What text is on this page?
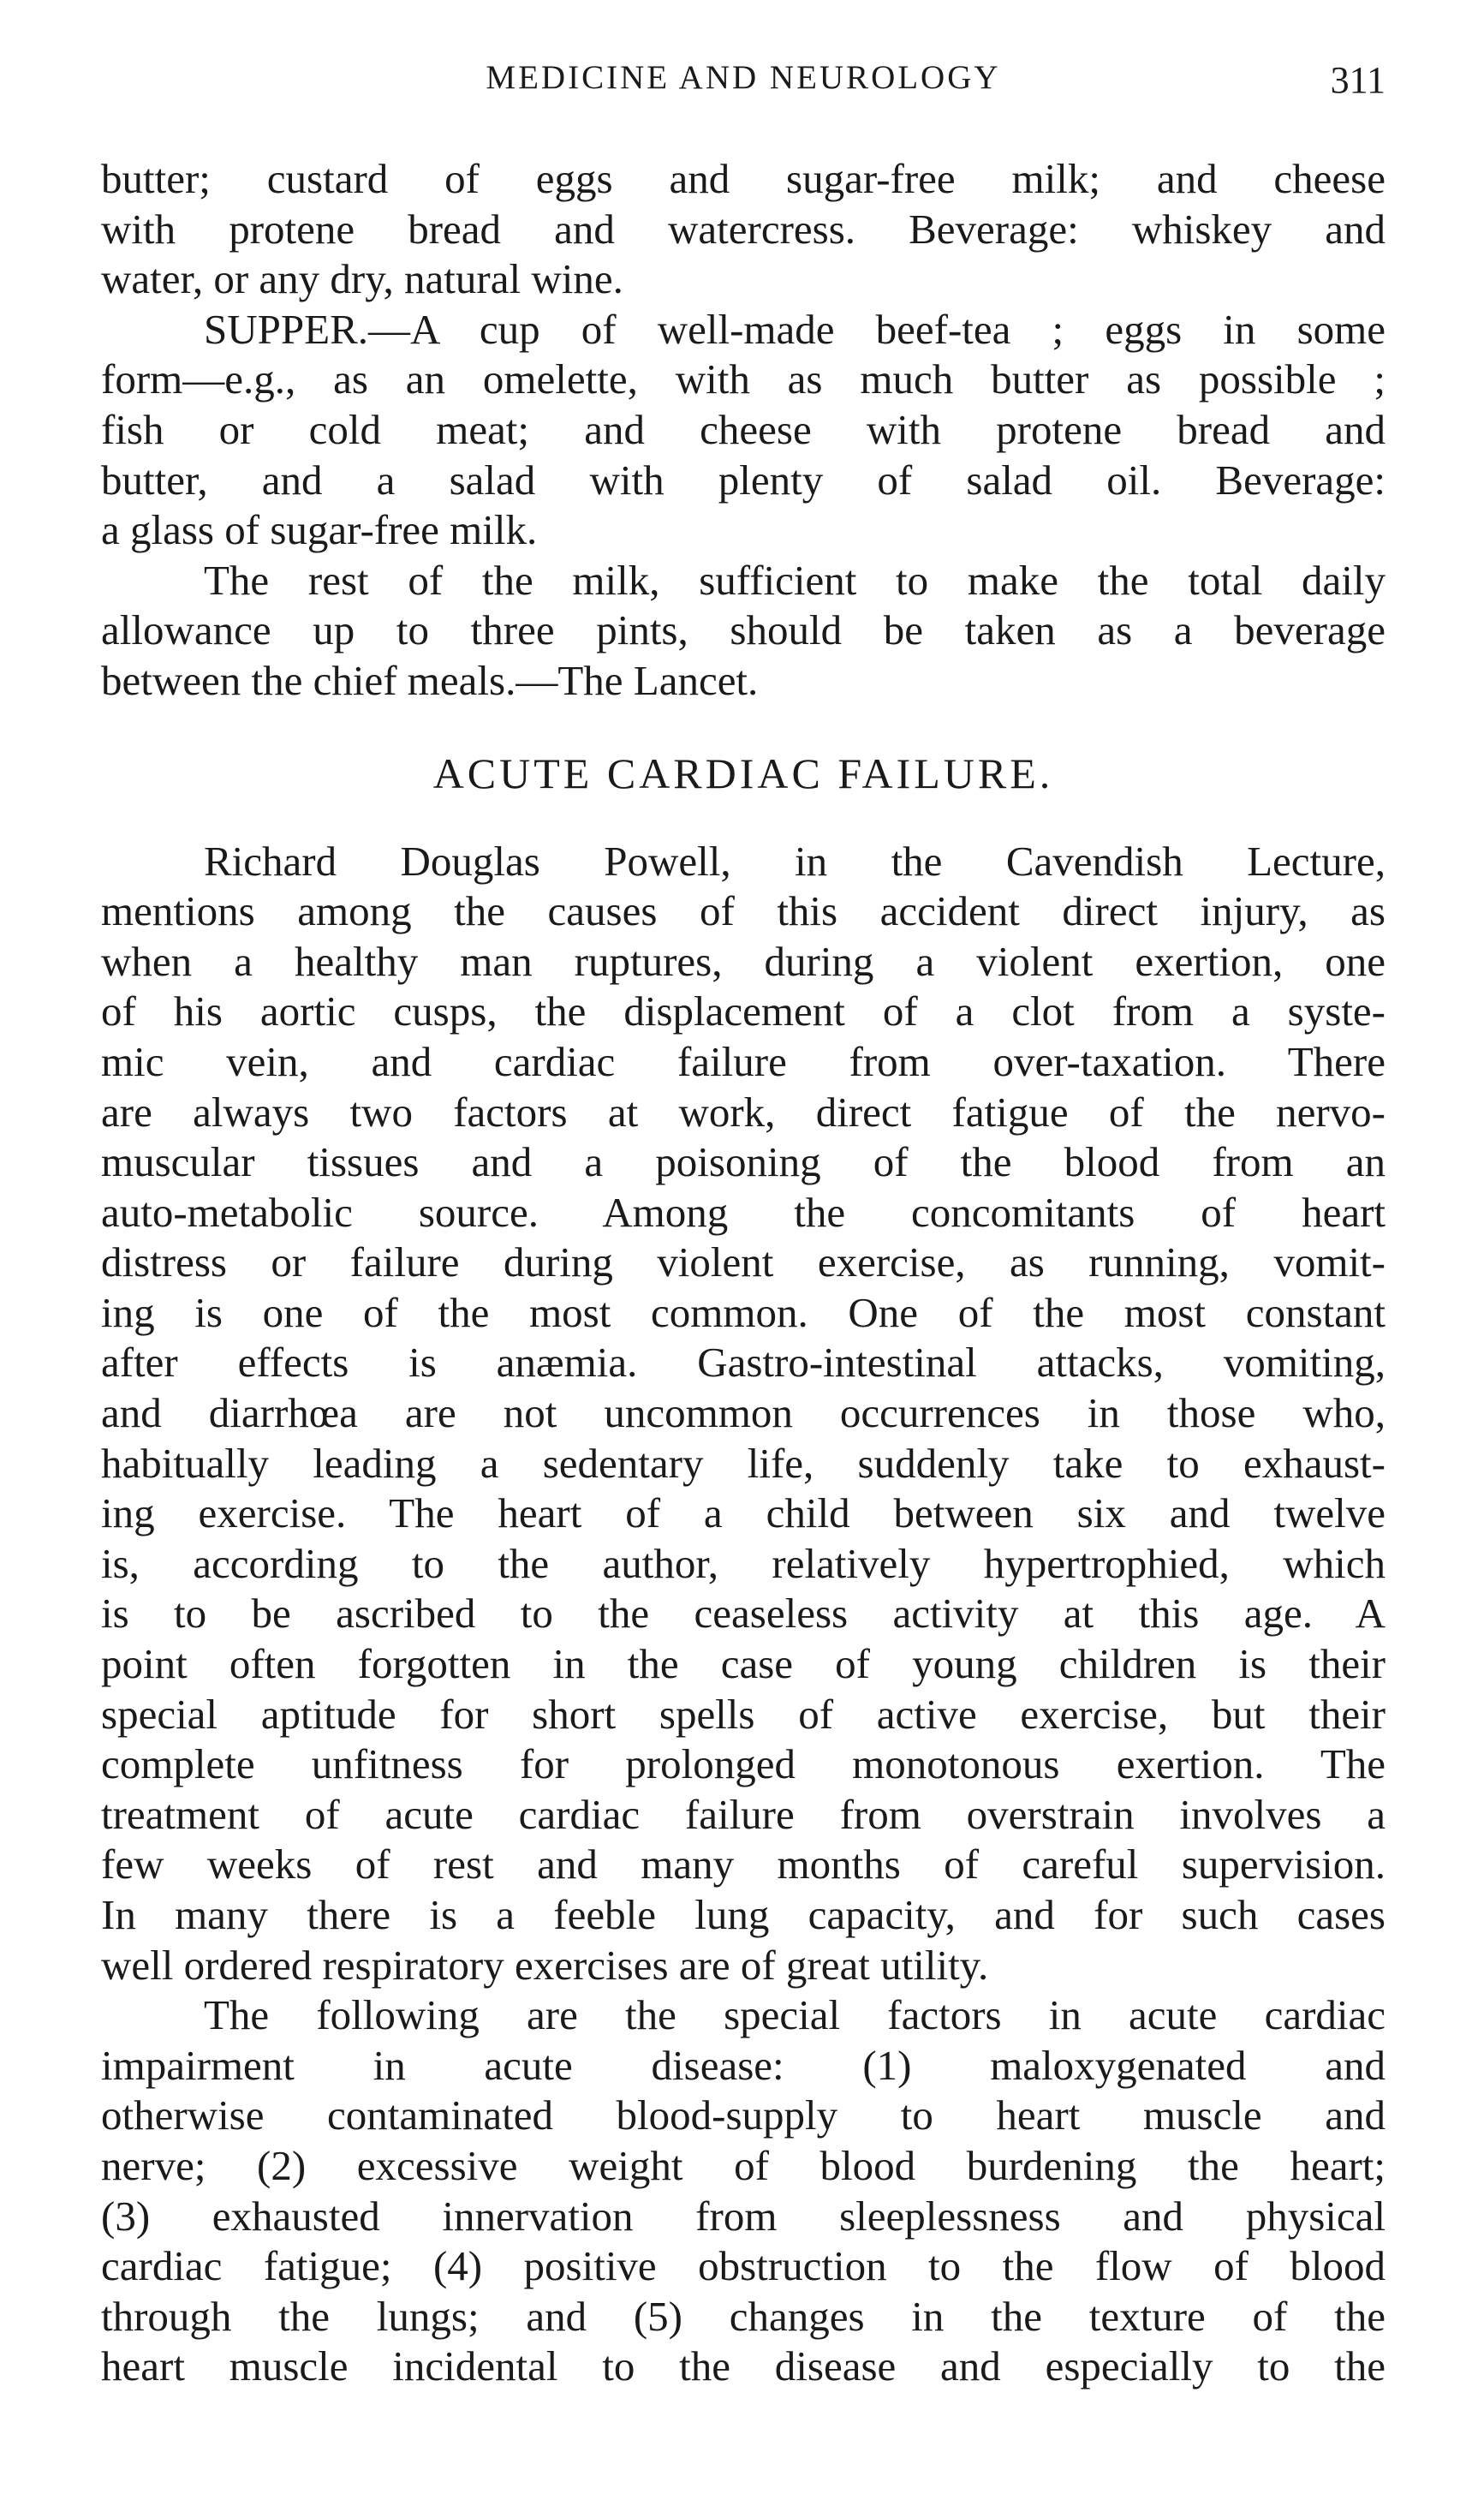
MEDICINE AND NEUROLOGY	311
butter; custard of eggs and sugar-free milk; and cheese
with protene bread and watercress. Beverage: whiskey and
water, or any dry, natural wine.
SUPPER.—A cup of well-made beef-tea ; eggs in some
form—e.g., as an omelette, with as much butter as possible ;
fish or cold meat; and cheese with protene bread and
butter, and a salad with plenty of salad oil. Beverage:
a glass of sugar-free milk.
The rest of the milk, sufficient to make the total daily
allowance up to three pints, should be taken as a beverage
between the chief meals.—The Lancet.
ACUTE CARDIAC FAILURE.
Richard Douglas Powell, in the Cavendish Lecture,
mentions among the causes of this accident direct injury, as
when a healthy man ruptures, during a violent exertion, one
of his aortic cusps, the displacement of a clot from a syste-
mic vein, and cardiac failure from over-taxation. There
are always two factors at work, direct fatigue of the nervo-
muscular tissues and a poisoning of the blood from an
auto-metabolic source. Among the concomitants of heart
distress or failure during violent exercise, as running, vomit-
ing is one of the most common. One of the most constant
after effects is anæmia. Gastro-intestinal attacks, vomiting,
and diarrhœa are not uncommon occurrences in those who,
habitually leading a sedentary life, suddenly take to exhaust-
ing exercise. The heart of a child between six and twelve
is, according to the author, relatively hypertrophied, which
is to be ascribed to the ceaseless activity at this age. A
point often forgotten in the case of young children is their
special aptitude for short spells of active exercise, but their
complete unfitness for prolonged monotonous exertion. The
treatment of acute cardiac failure from overstrain involves a
few weeks of rest and many months of careful supervision.
In many there is a feeble lung capacity, and for such cases
well ordered respiratory exercises are of great utility.
The following are the special factors in acute cardiac
impairment in acute disease: (1) maloxygenated and
otherwise contaminated blood-supply to heart muscle and
nerve; (2) excessive weight of blood burdening the heart;
(3) exhausted innervation from sleeplessness and physical
cardiac fatigue; (4) positive obstruction to the flow of blood
through the lungs; and (5) changes in the texture of the
heart muscle incidental to the disease and especially to the
